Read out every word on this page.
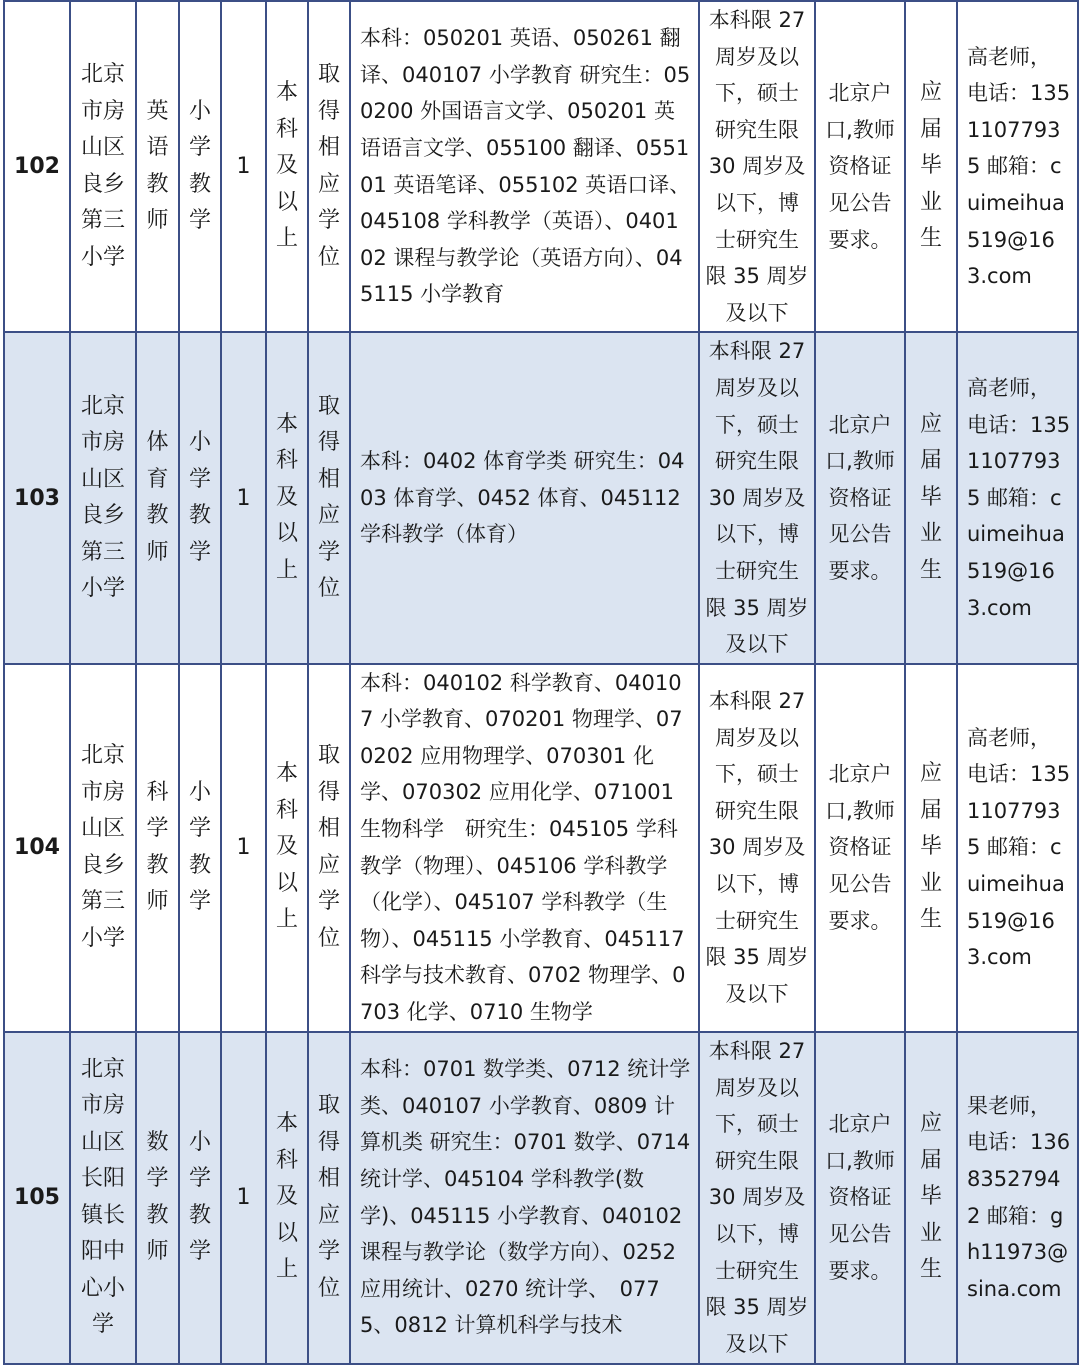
102	北京市房山区良乡第三小学	英语教师	小学教学	1	本科及以上	取得相应学位	本科：050201 英语、050261 翻译、040107 小学教育 研究生：050200 外国语言文学、050201 英语语言文学、055100 翻译、055101 英语笔译、055102 英语口译、045108 学科教学（英语）、040102 课程与教学论（英语方向）、045115 小学教育	本科限 27 周岁及以下，硕士研究生限 30 周岁及以下，博士研究生限 35 周岁及以下	北京户口,教师资格证见公告要求。	应届毕业生	高老师，电话：13511077935 邮箱：cuimeihua519@163.com
103	北京市房山区良乡第三小学	体育教师	小学教学	1	本科及以上	取得相应学位	本科：0402 体育学类 研究生：0403 体育学、0452 体育、045112 学科教学（体育）	本科限 27 周岁及以下，硕士研究生限 30 周岁及以下，博士研究生限 35 周岁及以下	北京户口,教师资格证见公告要求。	应届毕业生	高老师，电话：13511077935 邮箱：cuimeihua519@163.com
104	北京市房山区良乡第三小学	科学教师	小学教学	1	本科及以上	取得相应学位	本科：040102 科学教育、040107 小学教育、070201 物理学、070202 应用物理学、070301 化学、070302 应用化学、071001 生物科学　研究生：045105 学科教学（物理）、045106 学科教学（化学）、045107 学科教学（生物）、045115 小学教育、045117 科学与技术教育、0702 物理学、0703 化学、0710 生物学	本科限 27 周岁及以下，硕士研究生限 30 周岁及以下，博士研究生限 35 周岁及以下	北京户口,教师资格证见公告要求。	应届毕业生	高老师，电话：13511077935 邮箱：cuimeihua519@163.com
105	北京市房山区长阳镇长阳中心小学	数学教师	小学教学	1	本科及以上	取得相应学位	本科：0701 数学类、0712 统计学类、040107 小学教育、0809 计算机类 研究生：0701 数学、0714 统计学、045104 学科教学(数学)、045115 小学教育、040102 课程与教学论（数学方向）、0252 应用统计、0270 统计学、　0775、0812 计算机科学与技术	本科限 27 周岁及以下，硕士研究生限 30 周岁及以下，博士研究生限 35 周岁及以下	北京户口,教师资格证见公告要求。	应届毕业生	果老师，电话：13683527942 邮箱：gh11973@sina.com
